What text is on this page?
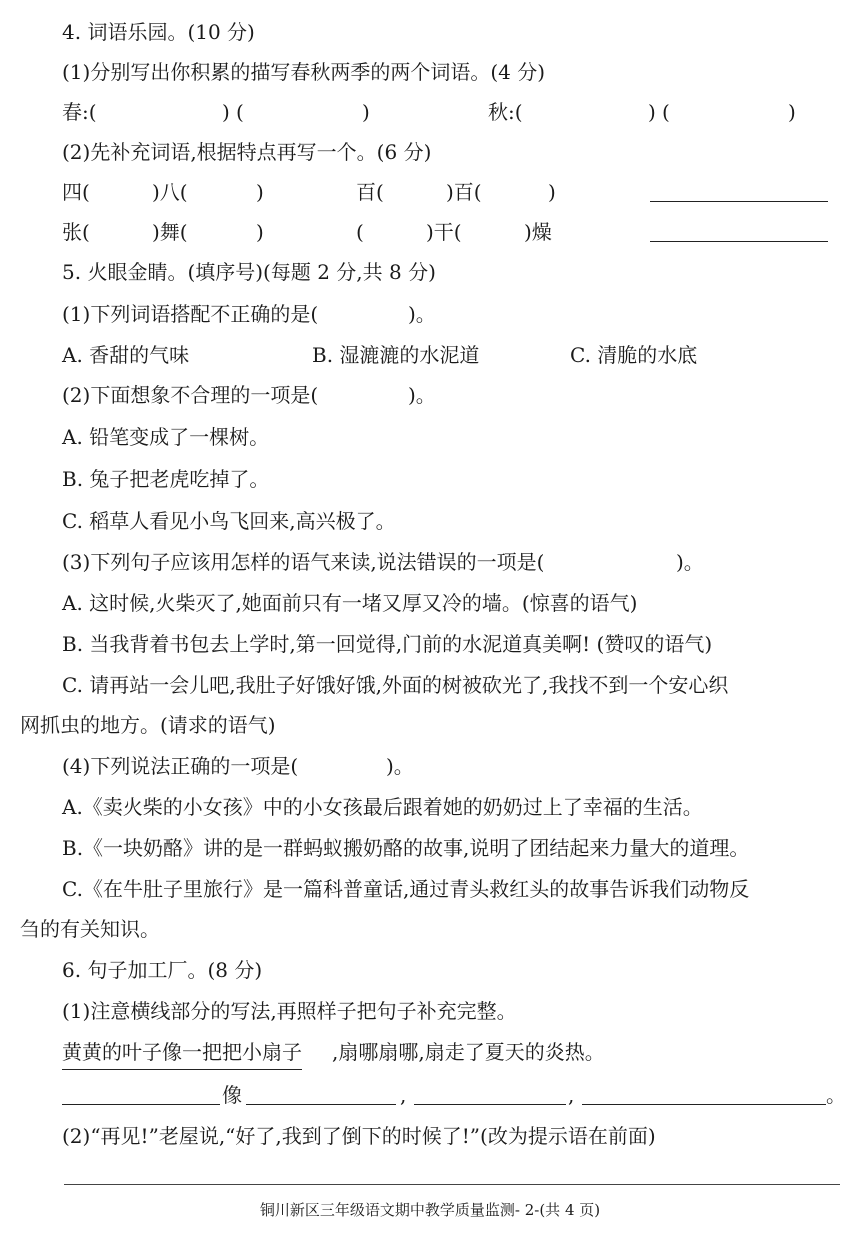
4. 词语乐园。(10 分)
(1)分别写出你积累的描写春秋两季的两个词语。(4 分)
春:(	) (	)	秋:(	) (	)
(2)先补充词语,根据特点再写一个。(6 分)
四(	)八(	)	百(	)百(	)
张(	)舞(	)	(	)干(	)燥
5. 火眼金睛。(填序号)(每题 2 分,共 8 分)
(1)下列词语搭配不正确的是(	)。
A. 香甜的气味	B. 湿漉漉的水泥道	C. 清脆的水底
(2)下面想象不合理的一项是(	)。
A. 铅笔变成了一棵树。
B. 兔子把老虎吃掉了。
C. 稻草人看见小鸟飞回来,高兴极了。
(3)下列句子应该用怎样的语气来读,说法错误的一项是(	)。
A. 这时候,火柴灭了,她面前只有一堵又厚又冷的墙。(惊喜的语气)
B. 当我背着书包去上学时,第一回觉得,门前的水泥道真美啊! (赞叹的语气)
C. 请再站一会儿吧,我肚子好饿好饿,外面的树被砍光了,我找不到一个安心织
网抓虫的地方。(请求的语气)
(4)下列说法正确的一项是(	)。
A.《卖火柴的小女孩》中的小女孩最后跟着她的奶奶过上了幸福的生活。
B.《一块奶酪》讲的是一群蚂蚁搬奶酪的故事,说明了团结起来力量大的道理。
C.《在牛肚子里旅行》是一篇科普童话,通过青头救红头的故事告诉我们动物反
刍的有关知识。
6. 句子加工厂。(8 分)
(1)注意横线部分的写法,再照样子把句子补充完整。
黄黄的叶子像一把把小扇子 ,扇哪扇哪,扇走了夏天的炎热。
像	,	,	。
(2)“再见!”老屋说,“好了,我到了倒下的时候了!”(改为提示语在前面)
铜川新区三年级语文期中教学质量监测- 2-(共 4 页)
